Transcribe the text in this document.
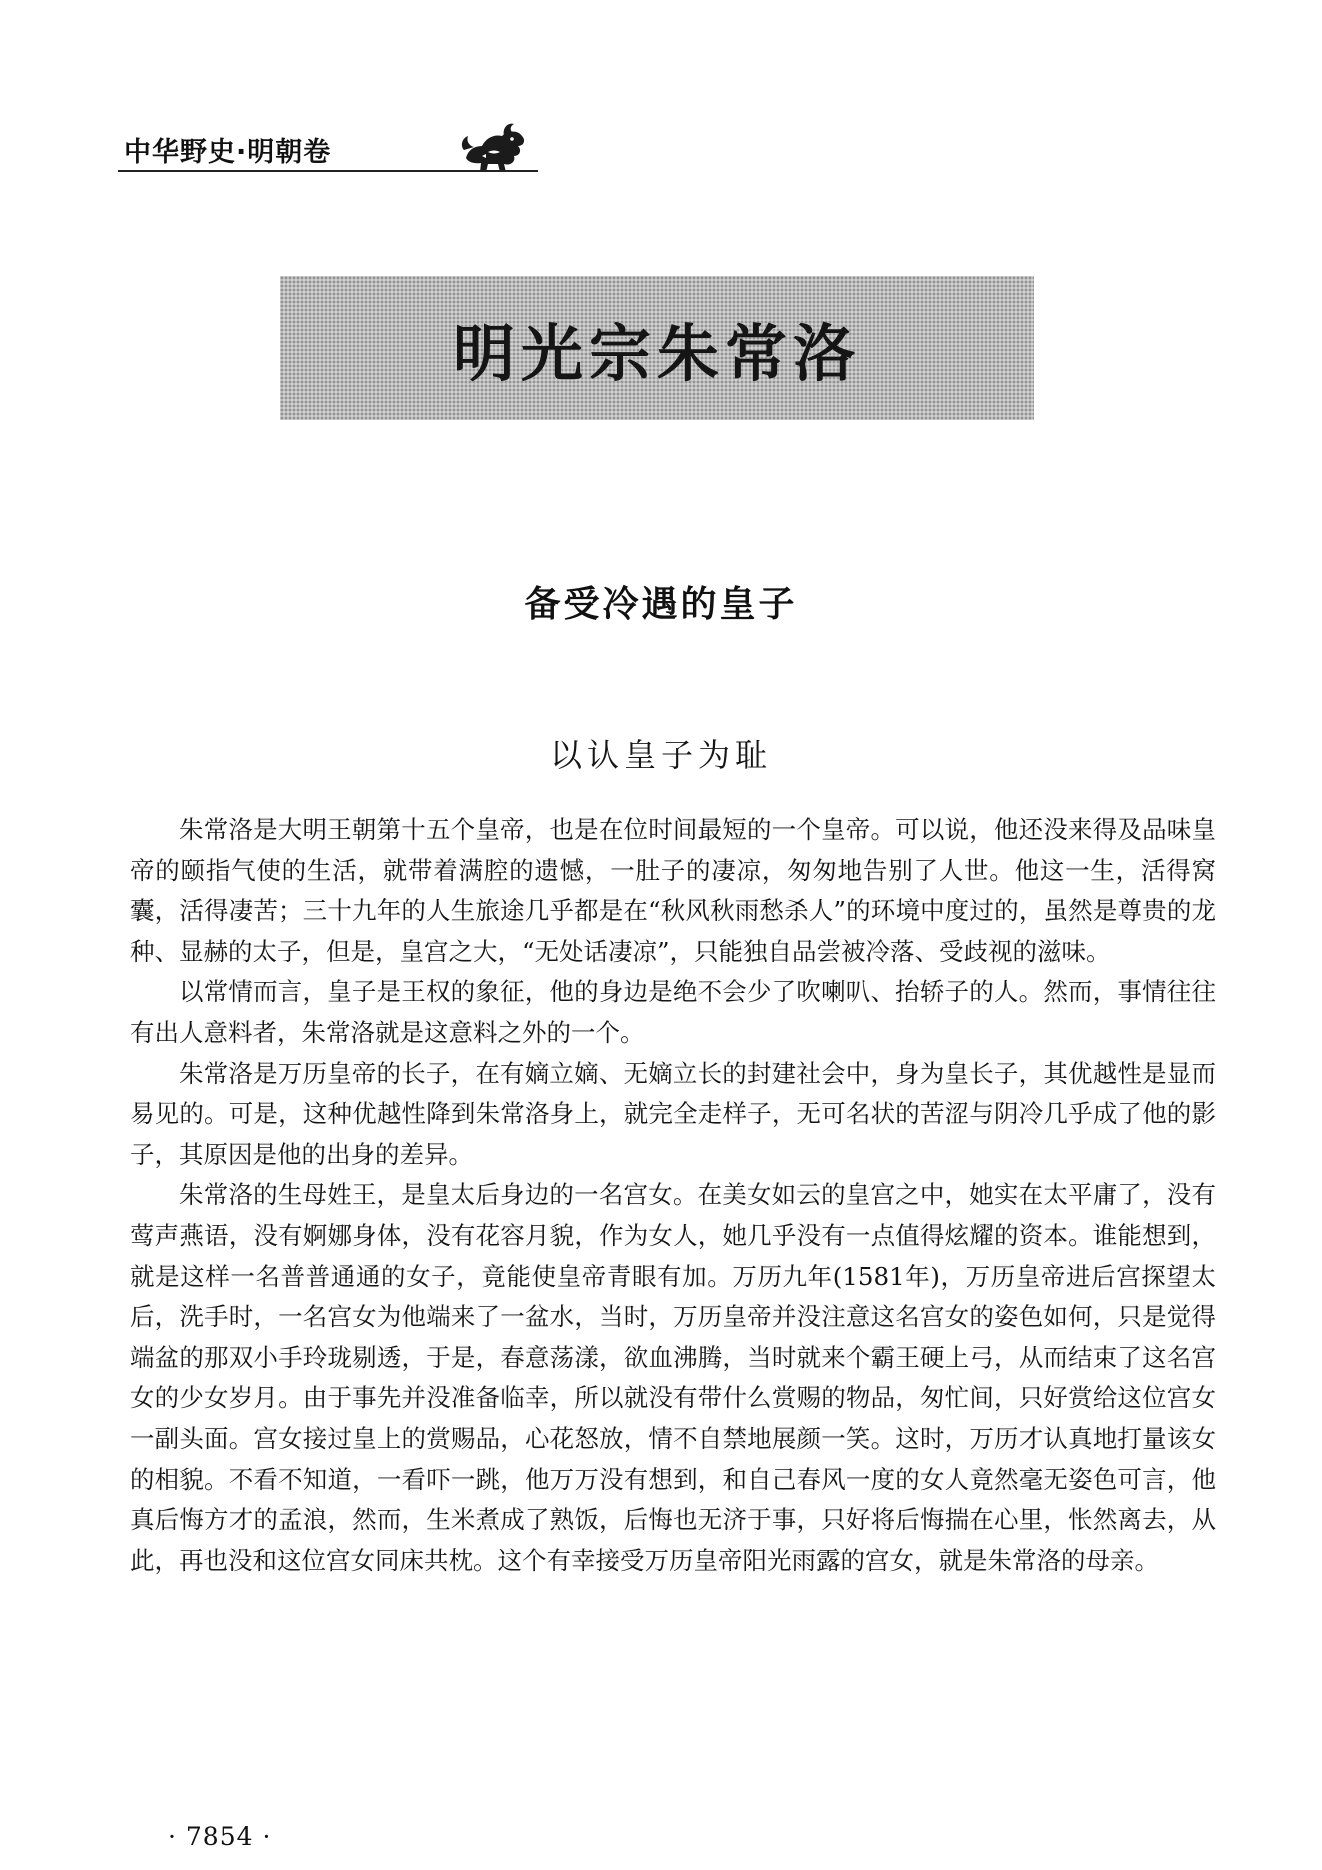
中华野史·明朝卷
明光宗朱常洛
备受冷遇的皇子
以认皇子为耻

朱常洛是大明王朝第十五个皇帝，也是在位时间最短的一个皇帝。可以说，他还没来得及品味皇帝的颐指气使的生活，就带着满腔的遗憾，一肚子的凄凉，匆匆地告别了人世。他这一生，活得窝囊，活得凄苦；三十九年的人生旅途几乎都是在“秋风秋雨愁杀人”的环境中度过的，虽然是尊贵的龙种、显赫的太子，但是，皇宫之大，“无处话凄凉”，只能独自品尝被冷落、受歧视的滋味。

以常情而言，皇子是王权的象征，他的身边是绝不会少了吹喇叭、抬轿子的人。然而，事情往往有出人意料者，朱常洛就是这意料之外的一个。

朱常洛是万历皇帝的长子，在有嫡立嫡、无嫡立长的封建社会中，身为皇长子，其优越性是显而易见的。可是，这种优越性降到朱常洛身上，就完全走样子，无可名状的苦涩与阴冷几乎成了他的影子，其原因是他的出身的差异。

朱常洛的生母姓王，是皇太后身边的一名宫女。在美女如云的皇宫之中，她实在太平庸了，没有莺声燕语，没有婀娜身体，没有花容月貌，作为女人，她几乎没有一点值得炫耀的资本。谁能想到，就是这样一名普普通通的女子，竟能使皇帝青眼有加。万历九年(1581年)，万历皇帝进后宫探望太后，洗手时，一名宫女为他端来了一盆水，当时，万历皇帝并没注意这名宫女的姿色如何，只是觉得端盆的那双小手玲珑剔透，于是，春意荡漾，欲血沸腾，当时就来个霸王硬上弓，从而结束了这名宫女的少女岁月。由于事先并没准备临幸，所以就没有带什么赏赐的物品，匆忙间，只好赏给这位宫女一副头面。宫女接过皇上的赏赐品，心花怒放，情不自禁地展颜一笑。这时，万历才认真地打量该女的相貌。不看不知道，一看吓一跳，他万万没有想到，和自己春风一度的女人竟然毫无姿色可言，他真后悔方才的孟浪，然而，生米煮成了熟饭，后悔也无济于事，只好将后悔揣在心里，怅然离去，从此，再也没和这位宫女同床共枕。这个有幸接受万历皇帝阳光雨露的宫女，就是朱常洛的母亲。

· 7854 ·
